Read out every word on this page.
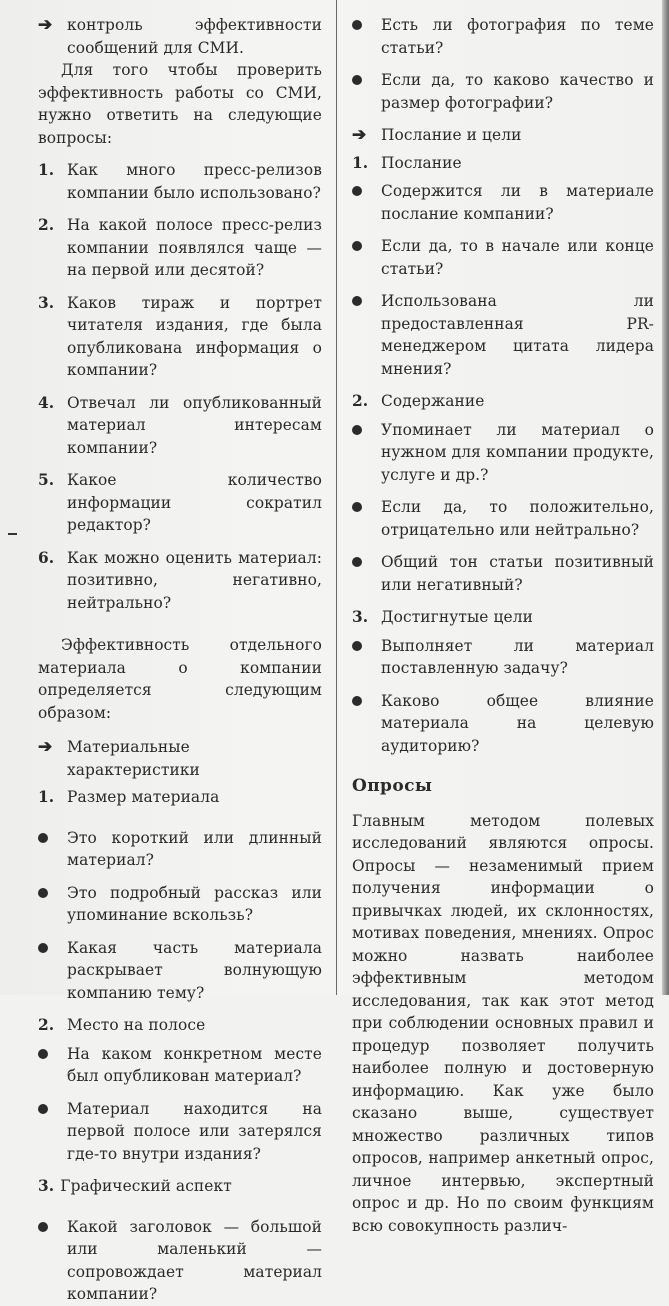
➔ контроль эффективности сообщений для СМИ.

Для того чтобы проверить эффективность работы со СМИ, нужно ответить на следующие вопросы:

1. Как много пресс-релизов компании было использовано?
2. На какой полосе пресс-релиз компании появлялся чаще — на первой или десятой?
3. Каков тираж и портрет читателя издания, где была опубликована информация о компании?
4. Отвечал ли опубликованный материал интересам компании?
5. Какое количество информации сократил редактор?
6. Как можно оценить материал: позитивно, негативно, нейтрально?

Эффективность отдельного материала о компании определяется следующим образом:

➔ Материальные характеристики
1. Размер материала
Это короткий или длинный материал?
Это подробный рассказ или упоминание вскользь?
Какая часть материала раскрывает волнующую компанию тему?
2. Место на полосе
На каком конкретном месте был опубликован материал?
Материал находится на первой полосе или затерялся где-то внутри издания?
3. Графический аспект
Какой заголовок — большой или маленький — сопровождает материал компании?
Есть ли фотография по теме статьи?
Если да, то каково качество и размер фотографии?
➔ Послание и цели
1. Послание
Содержится ли в материале послание компании?
Если да, то в начале или конце статьи?
Использована ли предоставленная PR-менеджером цитата лидера мнения?
2. Содержание
Упоминает ли материал о нужном для компании продукте, услуге и др.?
Если да, то положительно, отрицательно или нейтрально?
Общий тон статьи позитивный или негативный?
3. Достигнутые цели
Выполняет ли материал поставленную задачу?
Каково общее влияние материала на целевую аудиторию?
Опросы

Главным методом полевых исследований являются опросы. Опросы — незаменимый прием получения информации о привычках людей, их склонностях, мотивах поведения, мнениях. Опрос можно назвать наиболее эффективным методом исследования, так как этот метод при соблюдении основных правил и процедур позволяет получить наиболее полную и достоверную информацию. Как уже было сказано выше, существует множество различных типов опросов, например анкетный опрос, личное интервью, экспертный опрос и др. Но по своим функциям всю совокупность различ-
